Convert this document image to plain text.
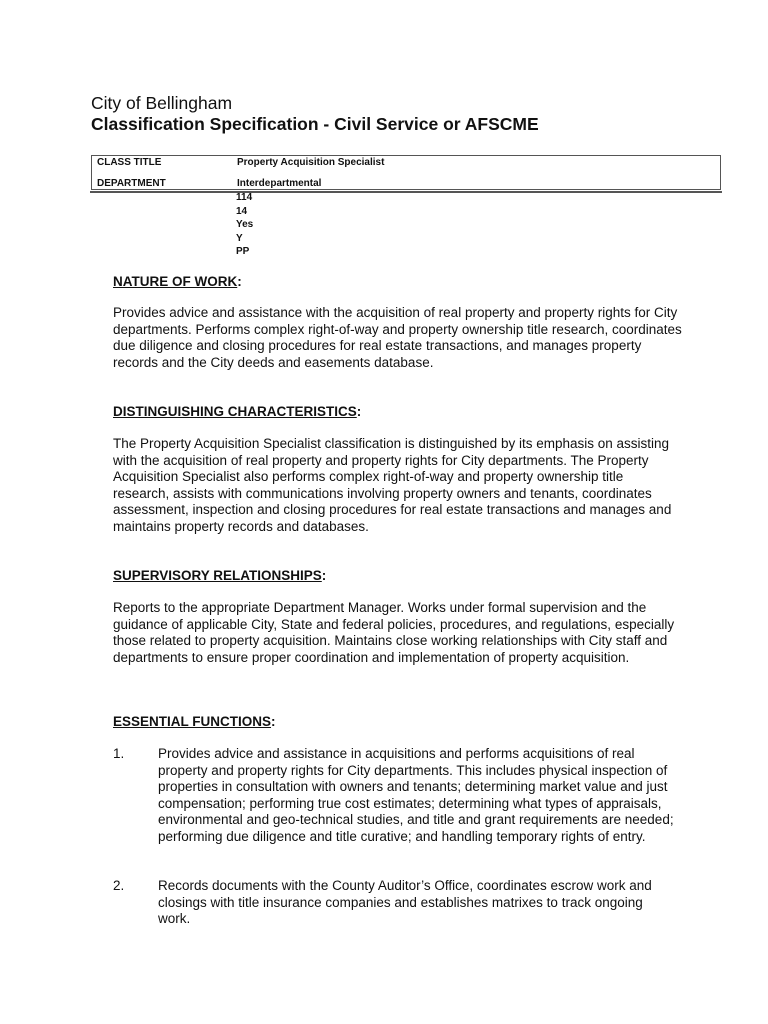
City of Bellingham

Classification Specification - Civil Service or AFSCME

CLASS TITLE	Property Acquisition Specialist
DEPARTMENT	Interdepartmental
114
14
Yes
Y
PP

NATURE OF WORK:

Provides advice and assistance with the acquisition of real property and property rights for City departments. Performs complex right-of-way and property ownership title research, coordinates due diligence and closing procedures for real estate transactions, and manages property records and the City deeds and easements database.

DISTINGUISHING CHARACTERISTICS:

The Property Acquisition Specialist classification is distinguished by its emphasis on assisting with the acquisition of real property and property rights for City departments. The Property Acquisition Specialist also performs complex right-of-way and property ownership title research, assists with communications involving property owners and tenants, coordinates assessment, inspection and closing procedures for real estate transactions and manages and maintains property records and databases.

SUPERVISORY RELATIONSHIPS:

Reports to the appropriate Department Manager. Works under formal supervision and the guidance of applicable City, State and federal policies, procedures, and regulations, especially those related to property acquisition. Maintains close working relationships with City staff and departments to ensure proper coordination and implementation of property acquisition.

ESSENTIAL FUNCTIONS:

1. Provides advice and assistance in acquisitions and performs acquisitions of real property and property rights for City departments. This includes physical inspection of properties in consultation with owners and tenants; determining market value and just compensation; performing true cost estimates; determining what types of appraisals, environmental and geo-technical studies, and title and grant requirements are needed; performing due diligence and title curative; and handling temporary rights of entry.

2. Records documents with the County Auditor’s Office, coordinates escrow work and closings with title insurance companies and establishes matrixes to track ongoing work.
